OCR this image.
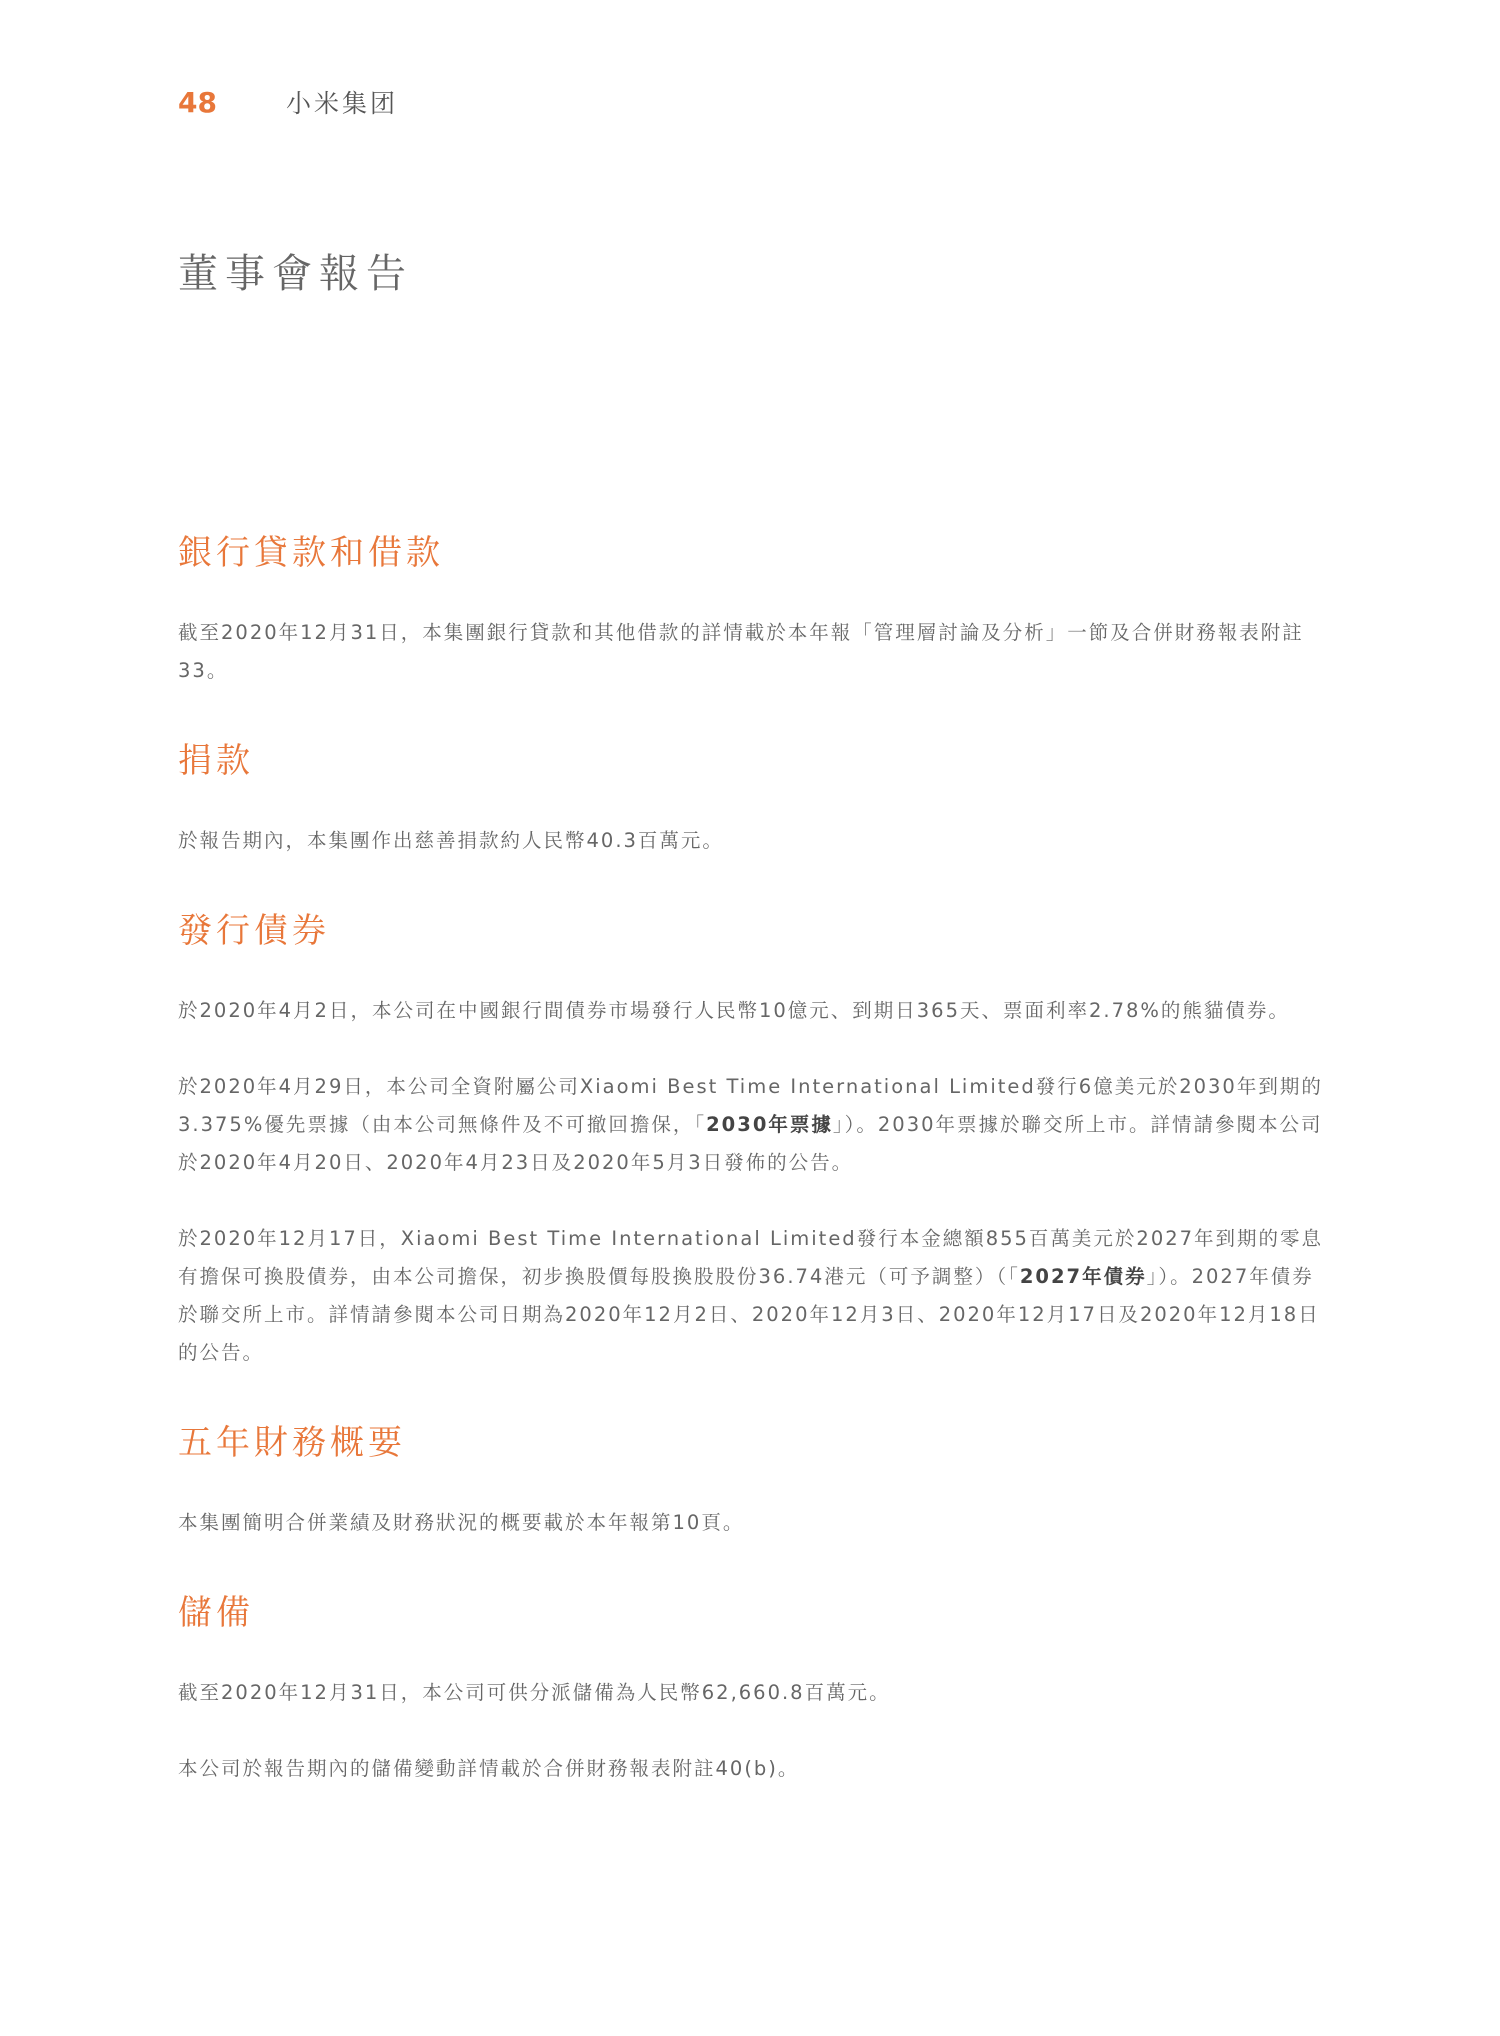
48	小米集团
董事會報告
銀行貸款和借款

截至2020年12月31日，本集團銀行貸款和其他借款的詳情載於本年報「管理層討論及分析」一節及合併財務報表附註33。

捐款

於報告期內，本集團作出慈善捐款約人民幣40.3百萬元。

發行債券

於2020年4月2日，本公司在中國銀行間債券市場發行人民幣10億元、到期日365天、票面利率2.78%的熊貓債券。

於2020年4月29日，本公司全資附屬公司Xiaomi Best Time International Limited發行6億美元於2030年到期的3.375%優先票據（由本公司無條件及不可撤回擔保，「2030年票據」）。2030年票據於聯交所上市。詳情請參閱本公司於2020年4月20日、2020年4月23日及2020年5月3日發佈的公告。

於2020年12月17日，Xiaomi Best Time International Limited發行本金總額855百萬美元於2027年到期的零息有擔保可換股債券，由本公司擔保，初步換股價每股換股股份36.74港元（可予調整）（「2027年債券」）。2027年債券於聯交所上市。詳情請參閱本公司日期為2020年12月2日、2020年12月3日、2020年12月17日及2020年12月18日的公告。

五年財務概要

本集團簡明合併業績及財務狀況的概要載於本年報第10頁。

儲備

截至2020年12月31日，本公司可供分派儲備為人民幣62,660.8百萬元。

本公司於報告期內的儲備變動詳情載於合併財務報表附註40(b)。
